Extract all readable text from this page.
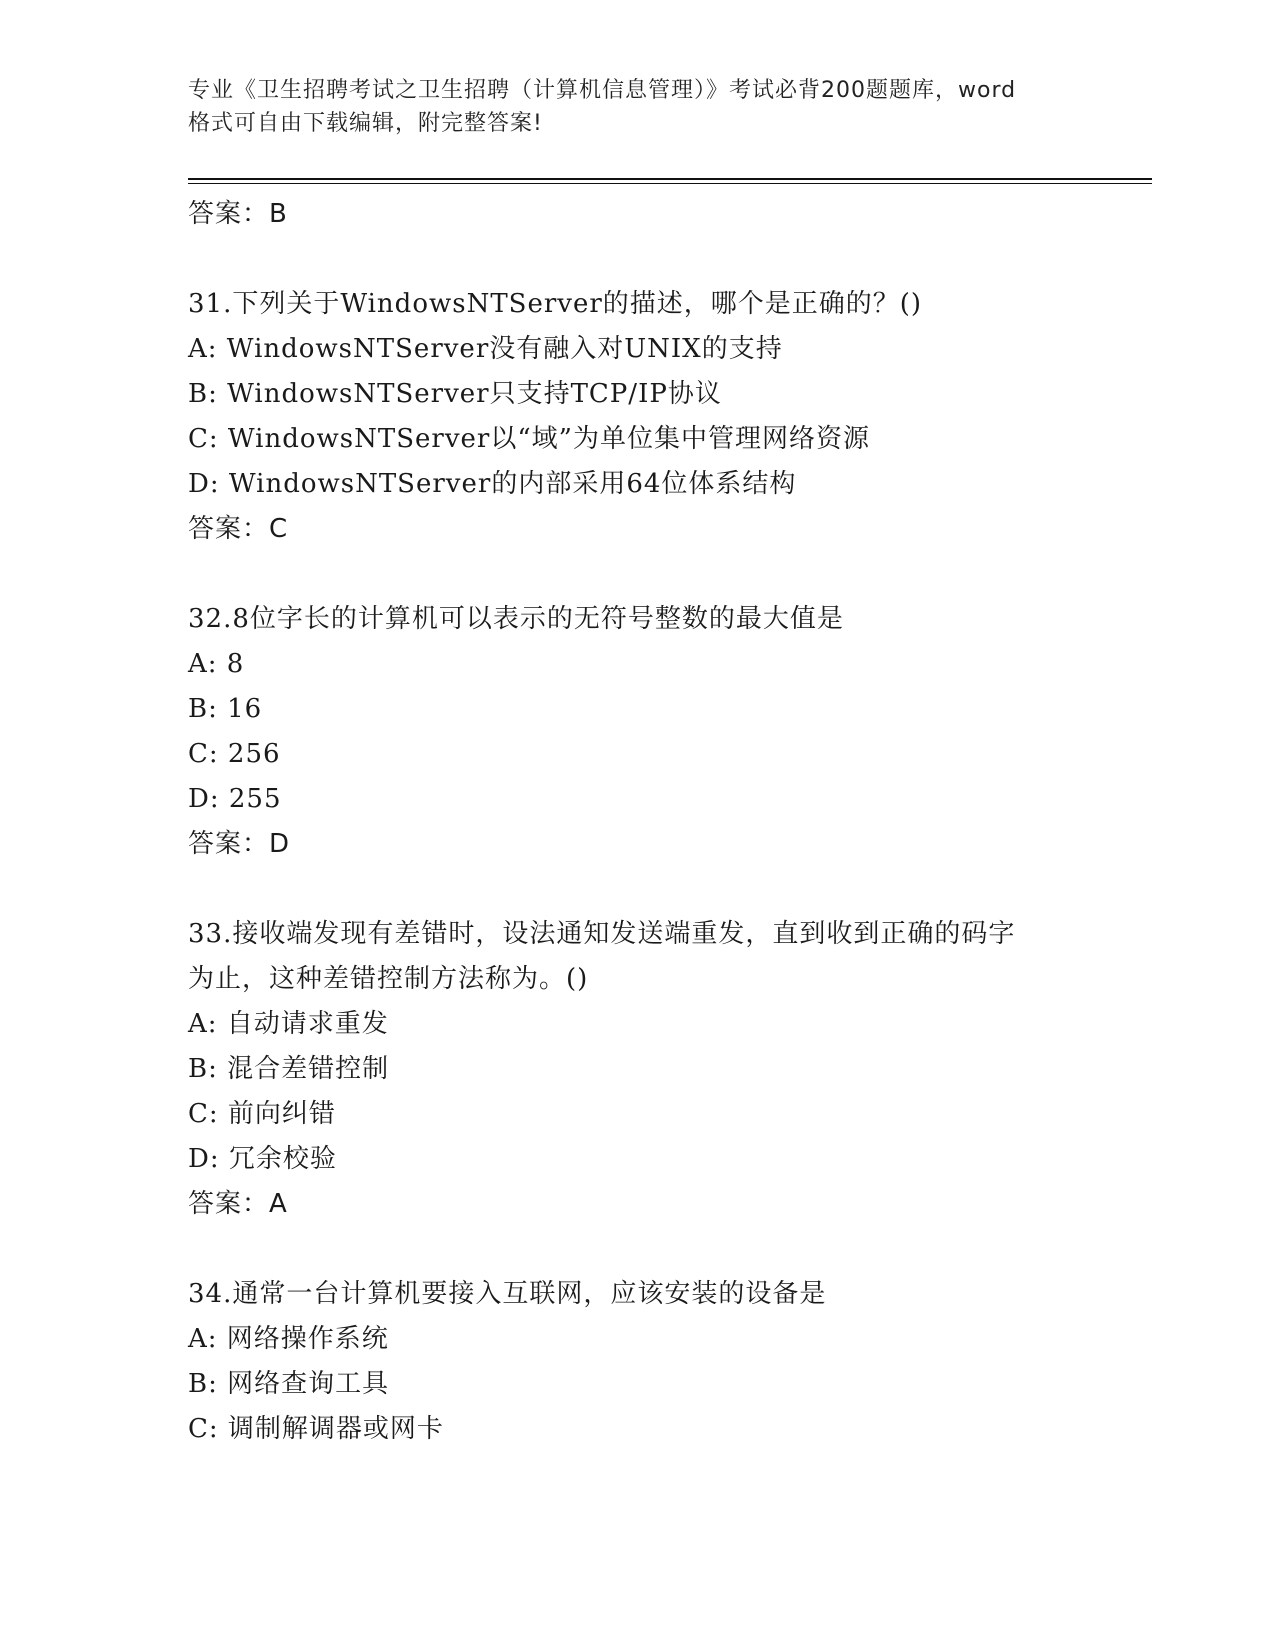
专业《卫生招聘考试之卫生招聘（计算机信息管理）》考试必背200题题库，word
格式可自由下载编辑，附完整答案!
答案：B
31.下列关于WindowsNTServer的描述，哪个是正确的？()
A: WindowsNTServer没有融入对UNIX的支持
B: WindowsNTServer只支持TCP/IP协议
C: WindowsNTServer以“域”为单位集中管理网络资源
D: WindowsNTServer的内部采用64位体系结构
答案：C
32.8位字长的计算机可以表示的无符号整数的最大值是
A: 8
B: 16
C: 256
D: 255
答案：D
33.接收端发现有差错时，设法通知发送端重发，直到收到正确的码字
为止，这种差错控制方法称为。()
A: 自动请求重发
B: 混合差错控制
C: 前向纠错
D: 冗余校验
答案：A
34.通常一台计算机要接入互联网，应该安装的设备是
A: 网络操作系统
B: 网络查询工具
C: 调制解调器或网卡
